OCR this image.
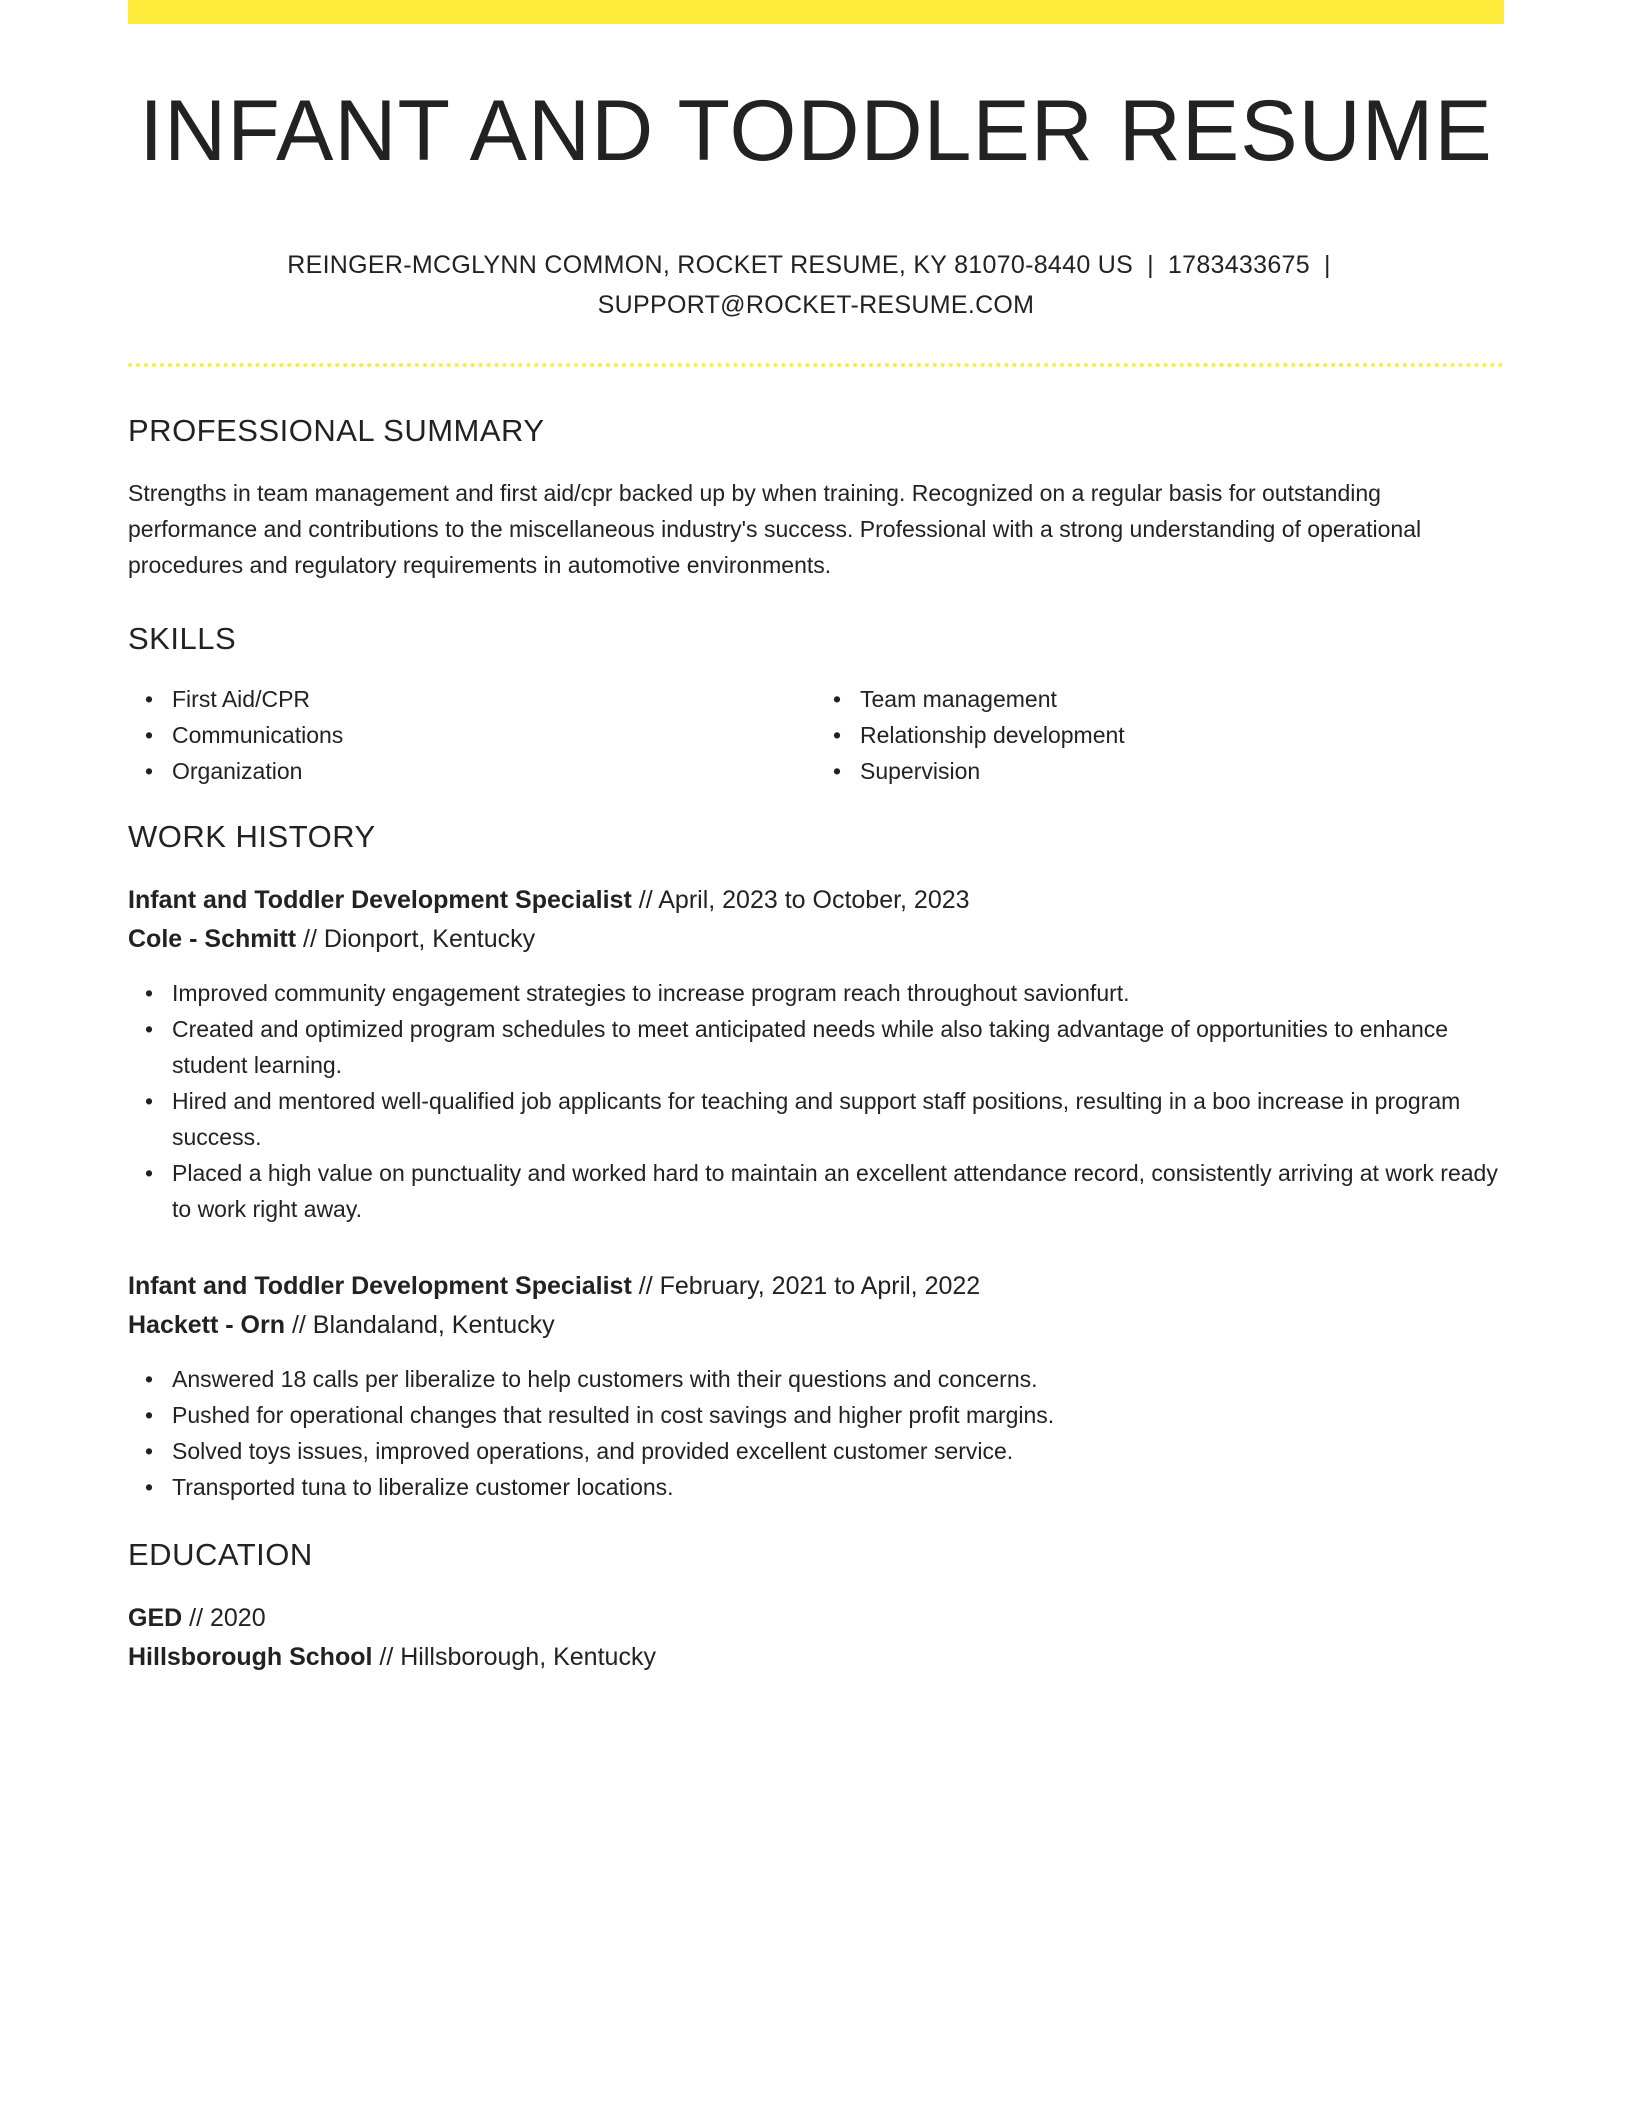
INFANT AND TODDLER RESUME
REINGER-MCGLYNN COMMON, ROCKET RESUME, KY 81070-8440 US | 1783433675 |
SUPPORT@ROCKET-RESUME.COM
PROFESSIONAL SUMMARY
Strengths in team management and first aid/cpr backed up by when training. Recognized on a regular basis for outstanding performance and contributions to the miscellaneous industry's success. Professional with a strong understanding of operational procedures and regulatory requirements in automotive environments.
SKILLS
• First Aid/CPR
• Communications
• Organization
• Team management
• Relationship development
• Supervision
WORK HISTORY
Infant and Toddler Development Specialist // April, 2023 to October, 2023
Cole - Schmitt // Dionport, Kentucky
• Improved community engagement strategies to increase program reach throughout savionfurt.
• Created and optimized program schedules to meet anticipated needs while also taking advantage of opportunities to enhance student learning.
• Hired and mentored well-qualified job applicants for teaching and support staff positions, resulting in a boo increase in program success.
• Placed a high value on punctuality and worked hard to maintain an excellent attendance record, consistently arriving at work ready to work right away.
Infant and Toddler Development Specialist // February, 2021 to April, 2022
Hackett - Orn // Blandaland, Kentucky
• Answered 18 calls per liberalize to help customers with their questions and concerns.
• Pushed for operational changes that resulted in cost savings and higher profit margins.
• Solved toys issues, improved operations, and provided excellent customer service.
• Transported tuna to liberalize customer locations.
EDUCATION
GED // 2020
Hillsborough School // Hillsborough, Kentucky
